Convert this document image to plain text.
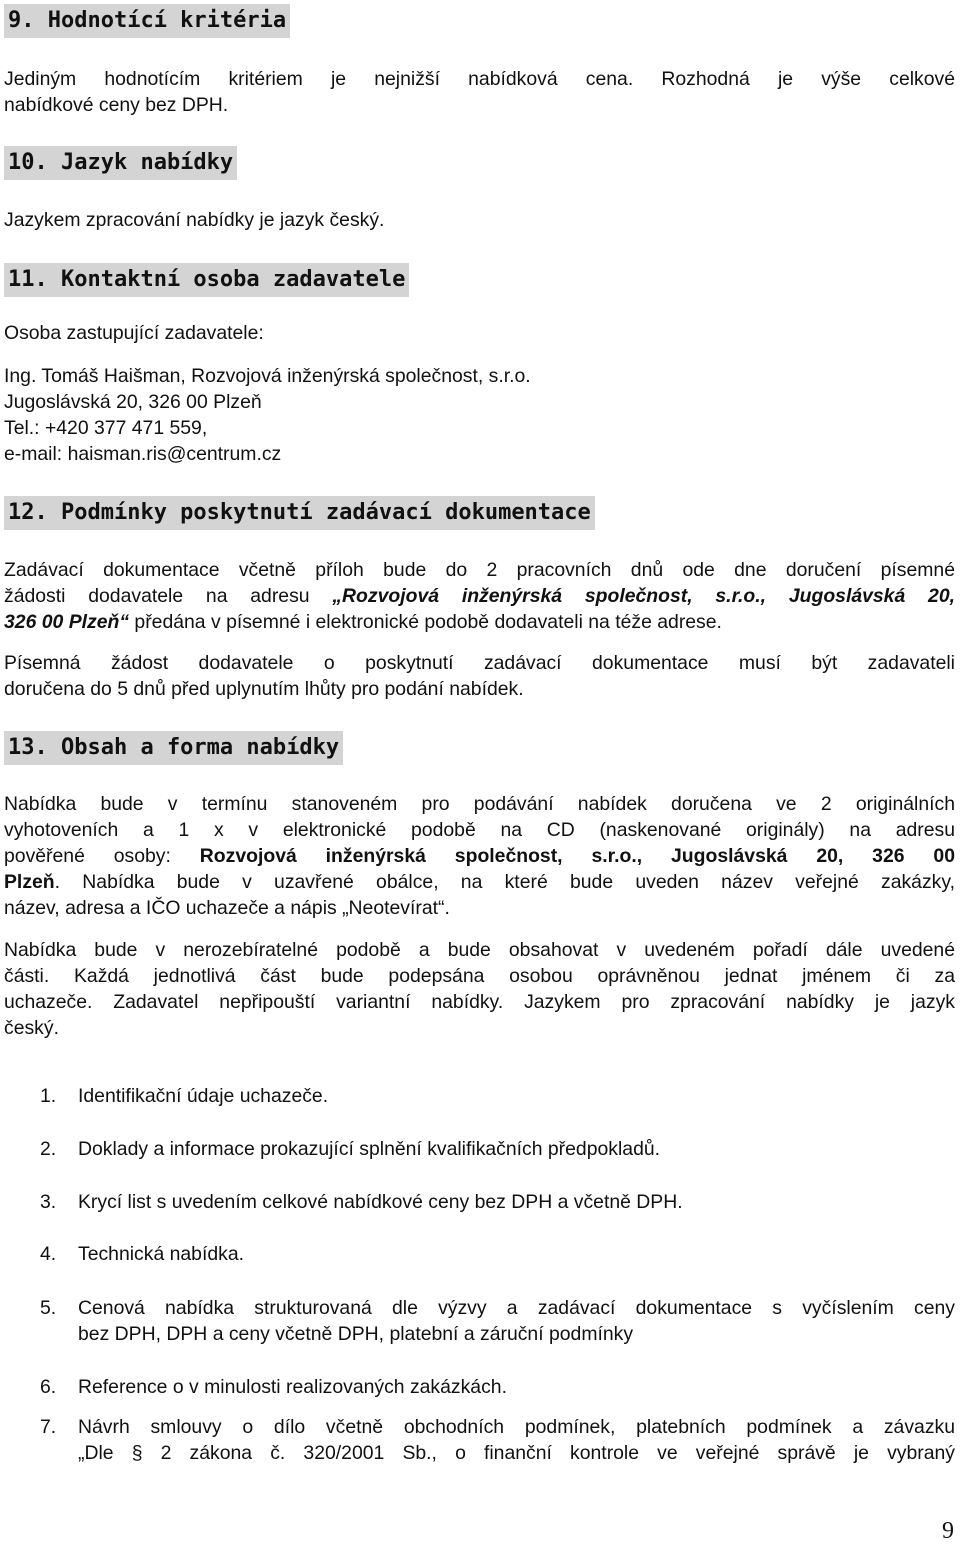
9. Hodnotící kritéria
Jediným hodnotícím kritériem je nejnižší nabídková cena. Rozhodná je výše celkové
nabídkové ceny bez DPH.
10. Jazyk nabídky
Jazykem zpracování nabídky je jazyk český.
11. Kontaktní osoba zadavatele
Osoba zastupující zadavatele:
Ing. Tomáš Haišman, Rozvojová inženýrská společnost, s.r.o.
Jugoslávská 20, 326 00 Plzeň
Tel.: +420 377 471 559,
e-mail: haisman.ris@centrum.cz
12. Podmínky poskytnutí zadávací dokumentace
Zadávací dokumentace včetně příloh bude do 2 pracovních dnů ode dne doručení písemné
žádosti dodavatele na adresu „Rozvojová inženýrská společnost, s.r.o., Jugoslávská 20,
326 00 Plzeň“ předána v písemné i elektronické podobě dodavateli na téže adrese.
Písemná žádost dodavatele o poskytnutí zadávací dokumentace musí být zadavateli
doručena do 5 dnů před uplynutím lhůty pro podání nabídek.
13. Obsah a forma nabídky
Nabídka bude v termínu stanoveném pro podávání nabídek doručena ve 2 originálních
vyhotoveních a 1 x v elektronické podobě na CD (naskenované originály) na adresu
pověřené osoby: Rozvojová inženýrská společnost, s.r.o., Jugoslávská 20, 326 00
Plzeň. Nabídka bude v uzavřené obálce, na které bude uveden název veřejné zakázky,
název, adresa a IČO uchazeče a nápis „Neotevírat“.
Nabídka bude v nerozebíratelné podobě a bude obsahovat v uvedeném pořadí dále uvedené
části. Každá jednotlivá část bude podepsána osobou oprávněnou jednat jménem či za
uchazeče. Zadavatel nepřipouští variantní nabídky. Jazykem pro zpracování nabídky je jazyk
český.
1.	Identifikační údaje uchazeče.
2.	Doklady a informace prokazující splnění kvalifikačních předpokladů.
3.	Krycí list s uvedením celkové nabídkové ceny bez DPH a včetně DPH.
4.	Technická nabídka.
5.	Cenová nabídka strukturovaná dle výzvy a zadávací dokumentace s vyčíslením ceny
bez DPH, DPH a ceny včetně DPH, platební a záruční podmínky
6.	Reference o v minulosti realizovaných zakázkách.
7.	Návrh smlouvy o dílo včetně obchodních podmínek, platebních podmínek a závazku
„Dle § 2 zákona č. 320/2001 Sb., o finanční kontrole ve veřejné správě je vybraný
9
